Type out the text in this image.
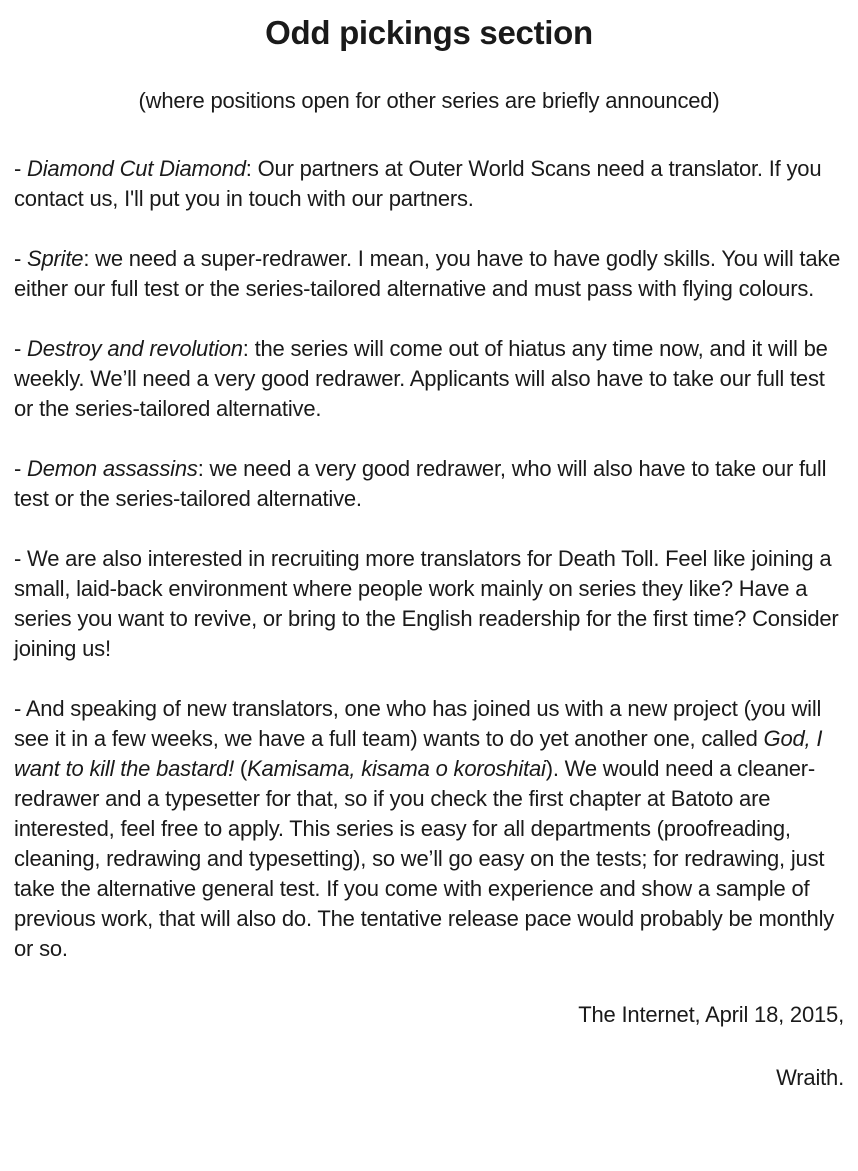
Odd pickings section
(where positions open for other series are briefly announced)

- Diamond Cut Diamond: Our partners at Outer World Scans need a translator. If you contact us, I'll put you in touch with our partners.

- Sprite: we need a super-redrawer. I mean, you have to have godly skills. You will take either our full test or the series-tailored alternative and must pass with flying colours.

- Destroy and revolution: the series will come out of hiatus any time now, and it will be weekly. We’ll need a very good redrawer. Applicants will also have to take our full test or the series-tailored alternative.

- Demon assassins: we need a very good redrawer, who will also have to take our full test or the series-tailored alternative.

- We are also interested in recruiting more translators for Death Toll. Feel like joining a small, laid-back environment where people work mainly on series they like? Have a series you want to revive, or bring to the English readership for the first time? Consider joining us!

- And speaking of new translators, one who has joined us with a new project (you will see it in a few weeks, we have a full team) wants to do yet another one, called God, I want to kill the bastard! (Kamisama, kisama o koroshitai). We would need a cleaner-redrawer and a typesetter for that, so if you check the first chapter at Batoto are interested, feel free to apply. This series is easy for all departments (proofreading, cleaning, redrawing and typesetting), so we’ll go easy on the tests; for redrawing, just take the alternative general test. If you come with experience and show a sample of previous work, that will also do. The tentative release pace would probably be monthly or so.

The Internet, April 18, 2015,
Wraith.
